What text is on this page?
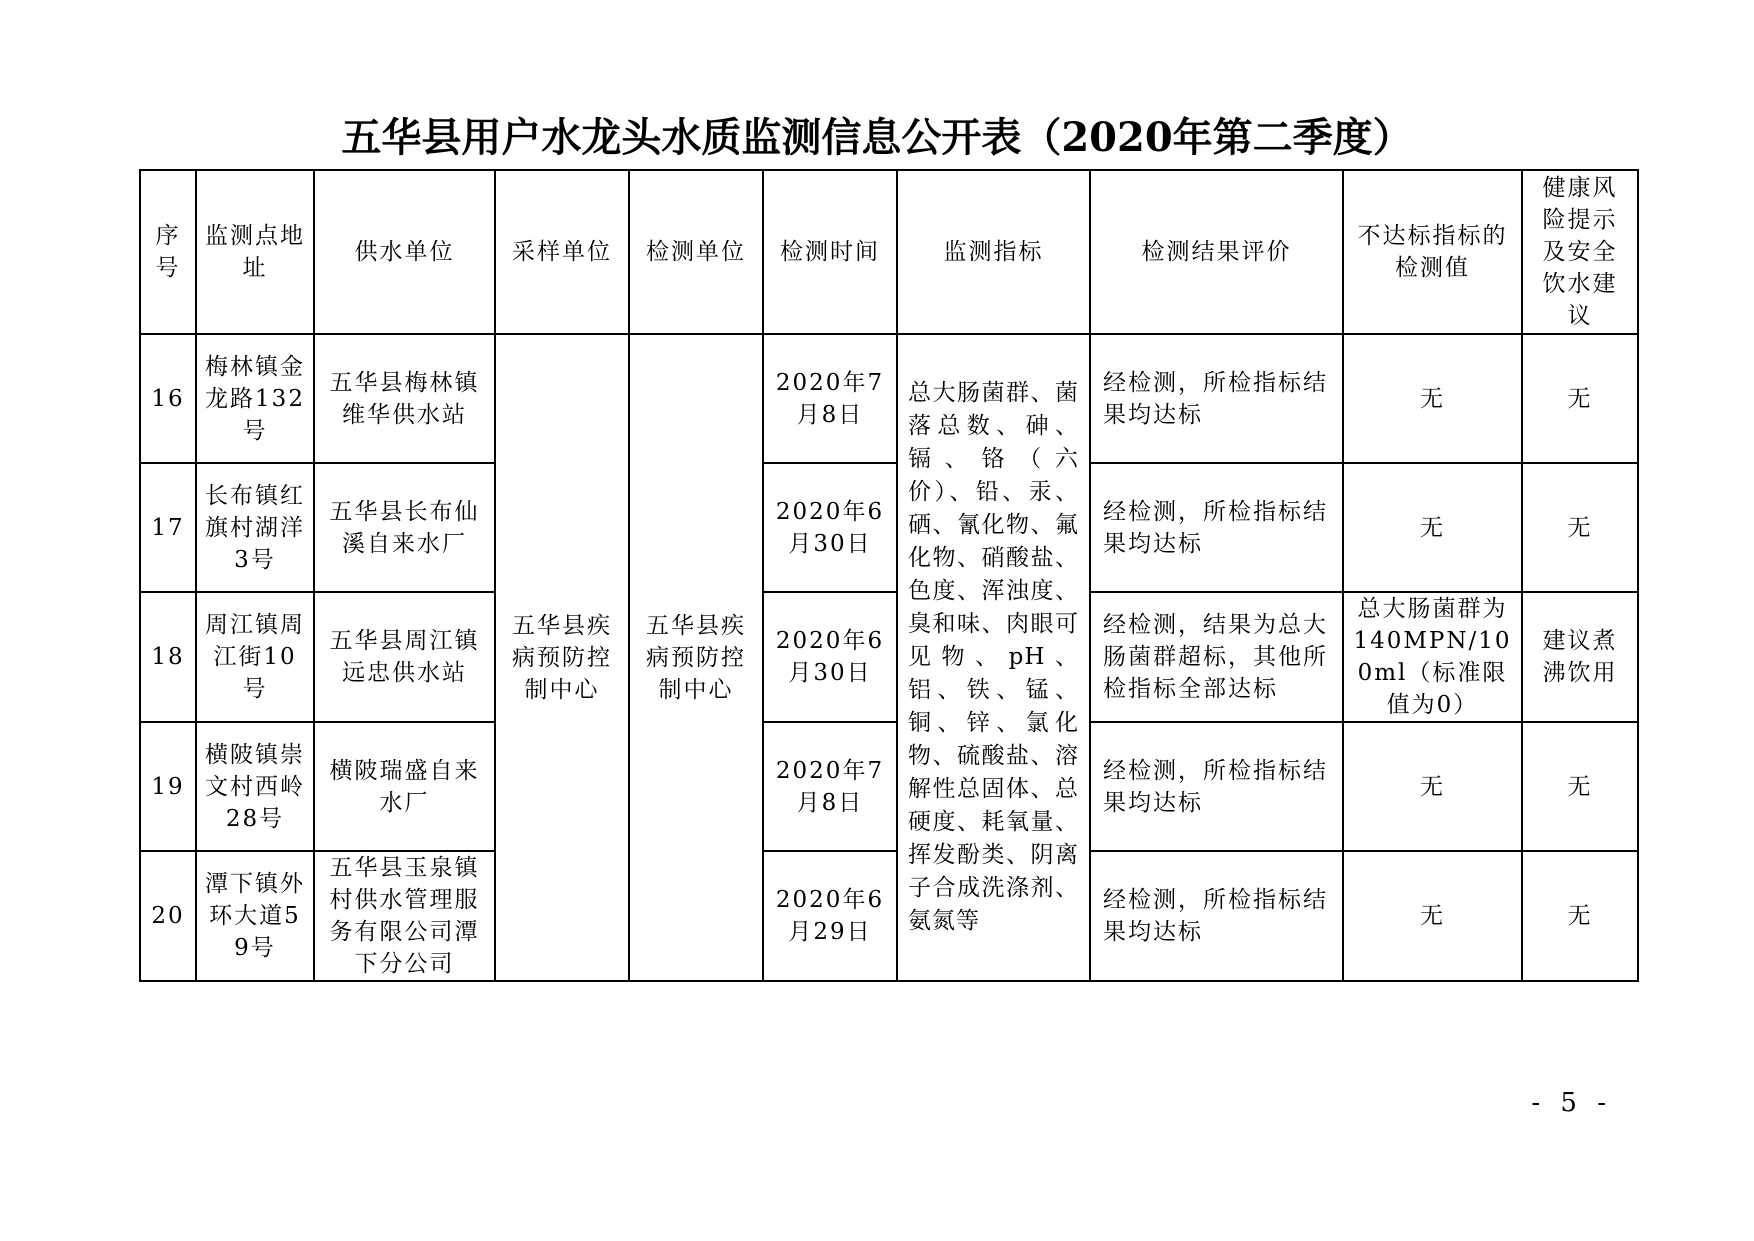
五华县用户水龙头水质监测信息公开表（2020年第二季度）
序号	监测点地址	供水单位	采样单位	检测单位	检测时间	监测指标	检测结果评价	不达标指标的检测值	健康风险提示及安全饮水建议
16	梅林镇金龙路132号	五华县梅林镇维华供水站	五华县疾病预防控制中心	五华县疾病预防控制中心	2020年7月8日	总大肠菌群、菌落总数、砷、镉、铬（六价）、铅、汞、硒、氰化物、氟化物、硝酸盐、色度、浑浊度、臭和味、肉眼可见物、pH、铝、铁、锰、铜、锌、氯化物、硫酸盐、溶解性总固体、总硬度、耗氧量、挥发酚类、阴离子合成洗涤剂、氨氮等	经检测，所检指标结果均达标	无	无
17	长布镇红旗村湖洋3号	五华县长布仙溪自来水厂			2020年6月30日		经检测，所检指标结果均达标	无	无
18	周江镇周江街10号	五华县周江镇远忠供水站			2020年6月30日		经检测，结果为总大肠菌群超标，其他所检指标全部达标	总大肠菌群为140MPN/100ml（标准限值为0）	建议煮沸饮用
19	横陂镇崇文村西岭28号	横陂瑞盛自来水厂			2020年7月8日		经检测，所检指标结果均达标	无	无
20	潭下镇外环大道59号	五华县玉泉镇村供水管理服务有限公司潭下分公司			2020年6月29日		经检测，所检指标结果均达标	无	无
- 5 -
